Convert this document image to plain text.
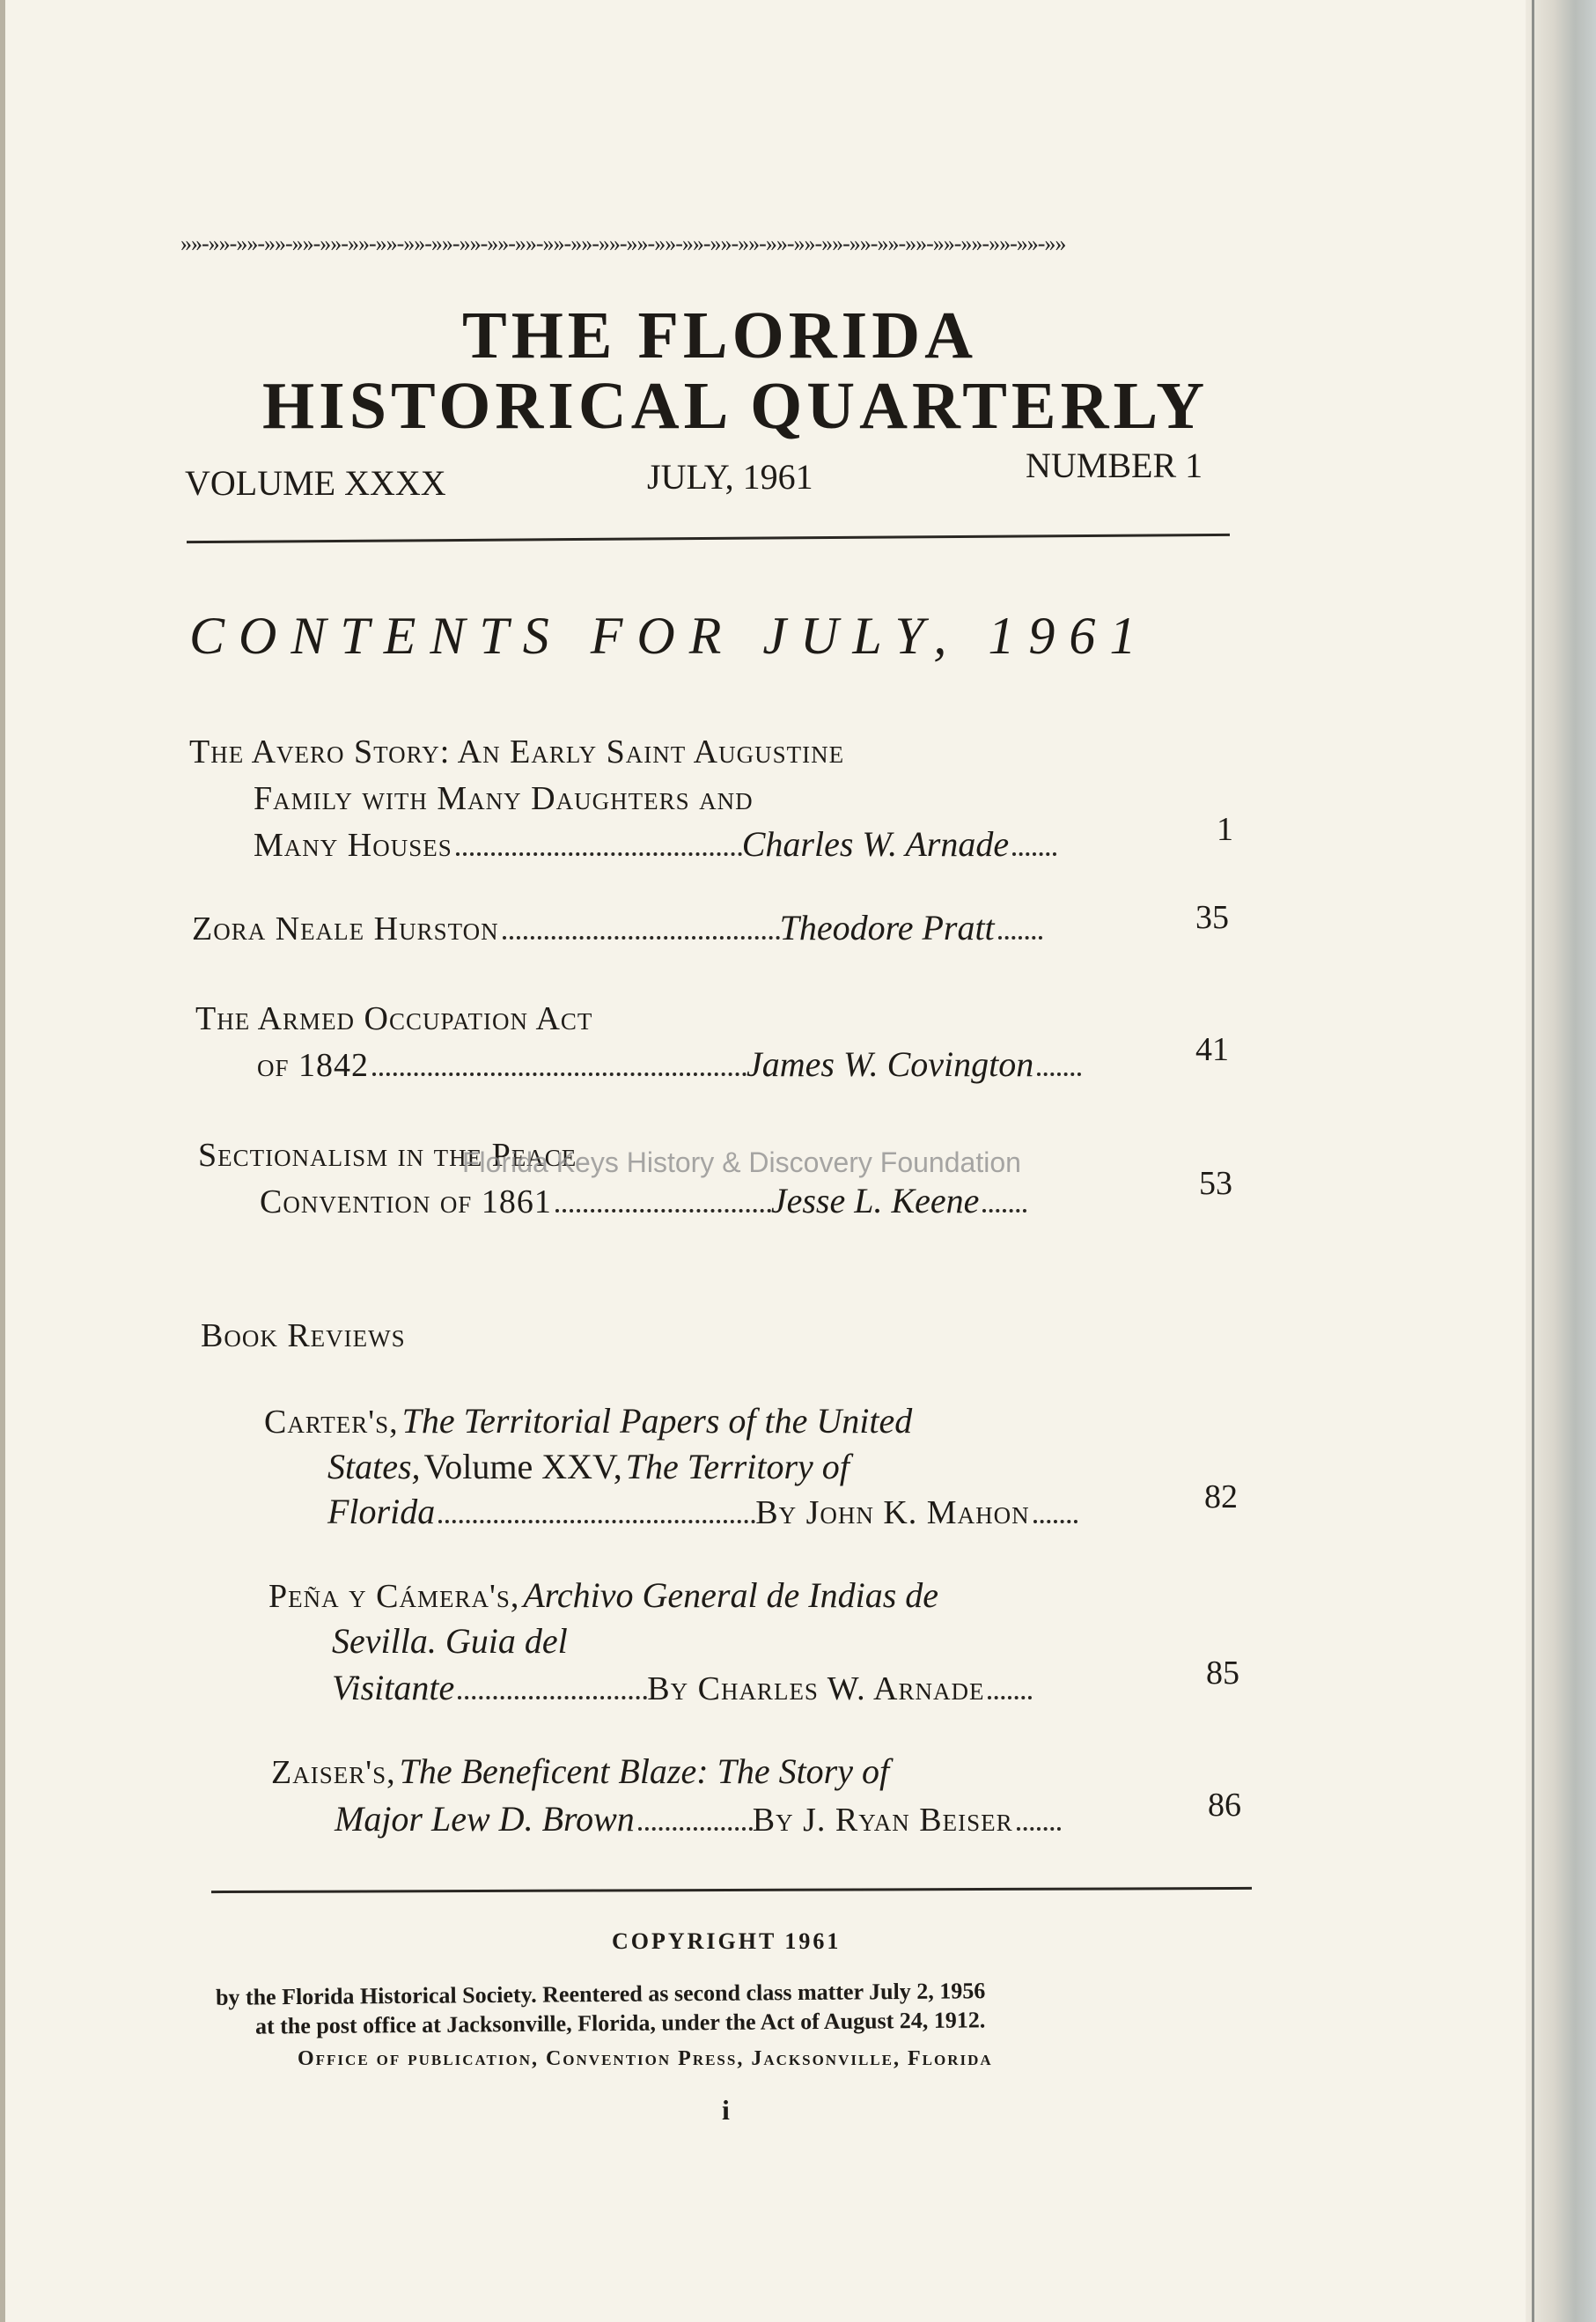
»»-»»-»»-»»-»»-»»-»»-»»-»»-»»-»»-»»-»»-»»-»»-»»-»»-»»-»»-»»-»»-»»-»»-»»-»»-»»-»»-»»-»»-»»-»»-»»
THE FLORIDA
HISTORICAL QUARTERLY
VOLUME XXXX	JULY, 1961	NUMBER 1
CONTENTS FOR JULY, 1961
The Avero Story: An Early Saint Augustine
Family with Many Daughters and
Many Houses	Charles W. Arnade	1
Zora Neale Hurston	Theodore Pratt	35
The Armed Occupation Act
of 1842	James W. Covington	41
Sectionalism in the Peace
Convention of 1861	Jesse L. Keene	53
Florida Keys History & Discovery Foundation
Book Reviews
Carter's, The Territorial Papers of the United
States, Volume XXV, The Territory of
Florida	By John K. Mahon	82
Peña y Cámera's, Archivo General de Indias de
Sevilla. Guia del
Visitante	By Charles W. Arnade	85
Zaiser's, The Beneficent Blaze: The Story of
Major Lew D. Brown	By J. Ryan Beiser	86
COPYRIGHT 1961
by the Florida Historical Society. Reentered as second class matter July 2, 1956
at the post office at Jacksonville, Florida, under the Act of August 24, 1912.
Office of publication, Convention Press, Jacksonville, Florida
i
